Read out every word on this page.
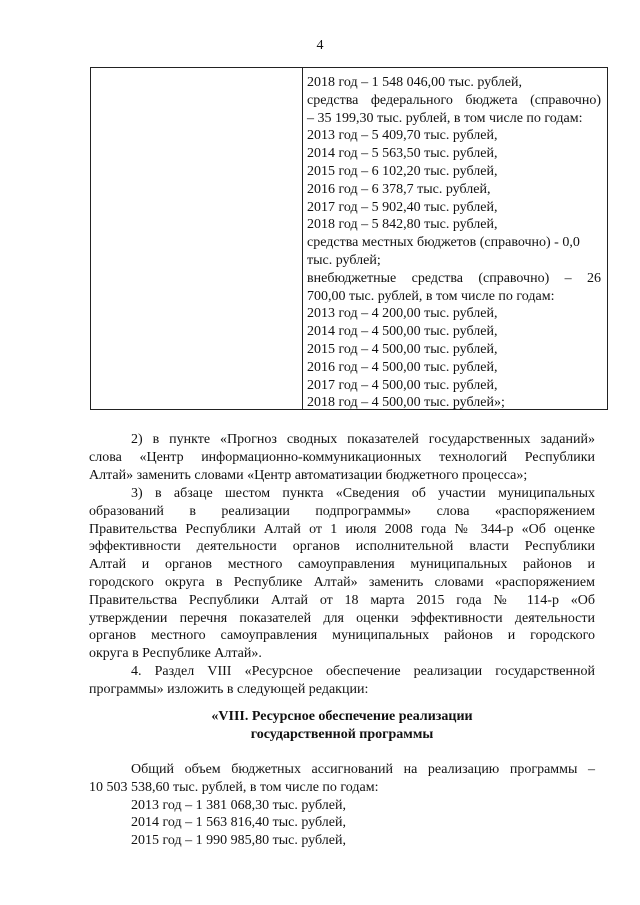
4
2018 год – 1 548 046,00 тыс. рублей,
средства федерального бюджета (справочно)
– 35 199,30 тыс. рублей, в том числе по годам:
2013 год – 5 409,70 тыс. рублей,
2014 год – 5 563,50 тыс. рублей,
2015 год – 6 102,20 тыс. рублей,
2016 год – 6 378,7 тыс. рублей,
2017 год – 5 902,40 тыс. рублей,
2018 год – 5 842,80 тыс. рублей,
средства местных бюджетов (справочно) - 0,0
тыс. рублей;
внебюджетные средства (справочно) – 26
700,00 тыс. рублей, в том числе по годам:
2013 год – 4 200,00 тыс. рублей,
2014 год – 4 500,00 тыс. рублей,
2015 год – 4 500,00 тыс. рублей,
2016 год – 4 500,00 тыс. рублей,
2017 год – 4 500,00 тыс. рублей,
2018 год – 4 500,00 тыс. рублей»;
2) в пункте «Прогноз сводных показателей государственных заданий»
слова «Центр информационно-коммуникационных технологий Республики
Алтай» заменить словами «Центр автоматизации бюджетного процесса»;
3) в абзаце шестом пункта «Сведения об участии муниципальных
образований в реализации подпрограммы» слова «распоряжением
Правительства Республики Алтай от 1 июля 2008 года № 344-р «Об оценке
эффективности деятельности органов исполнительной власти Республики
Алтай и органов местного самоуправления муниципальных районов и
городского округа в Республике Алтай» заменить словами «распоряжением
Правительства Республики Алтай от 18 марта 2015 года № 114-р «Об
утверждении перечня показателей для оценки эффективности деятельности
органов местного самоуправления муниципальных районов и городского
округа в Республике Алтай».
4. Раздел VIII «Ресурсное обеспечение реализации государственной
программы» изложить в следующей редакции:
«VIII. Ресурсное обеспечение реализации
государственной программы
Общий объем бюджетных ассигнований на реализацию программы –
10 503 538,60 тыс. рублей, в том числе по годам:
2013 год – 1 381 068,30 тыс. рублей,
2014 год – 1 563 816,40 тыс. рублей,
2015 год – 1 990 985,80 тыс. рублей,
